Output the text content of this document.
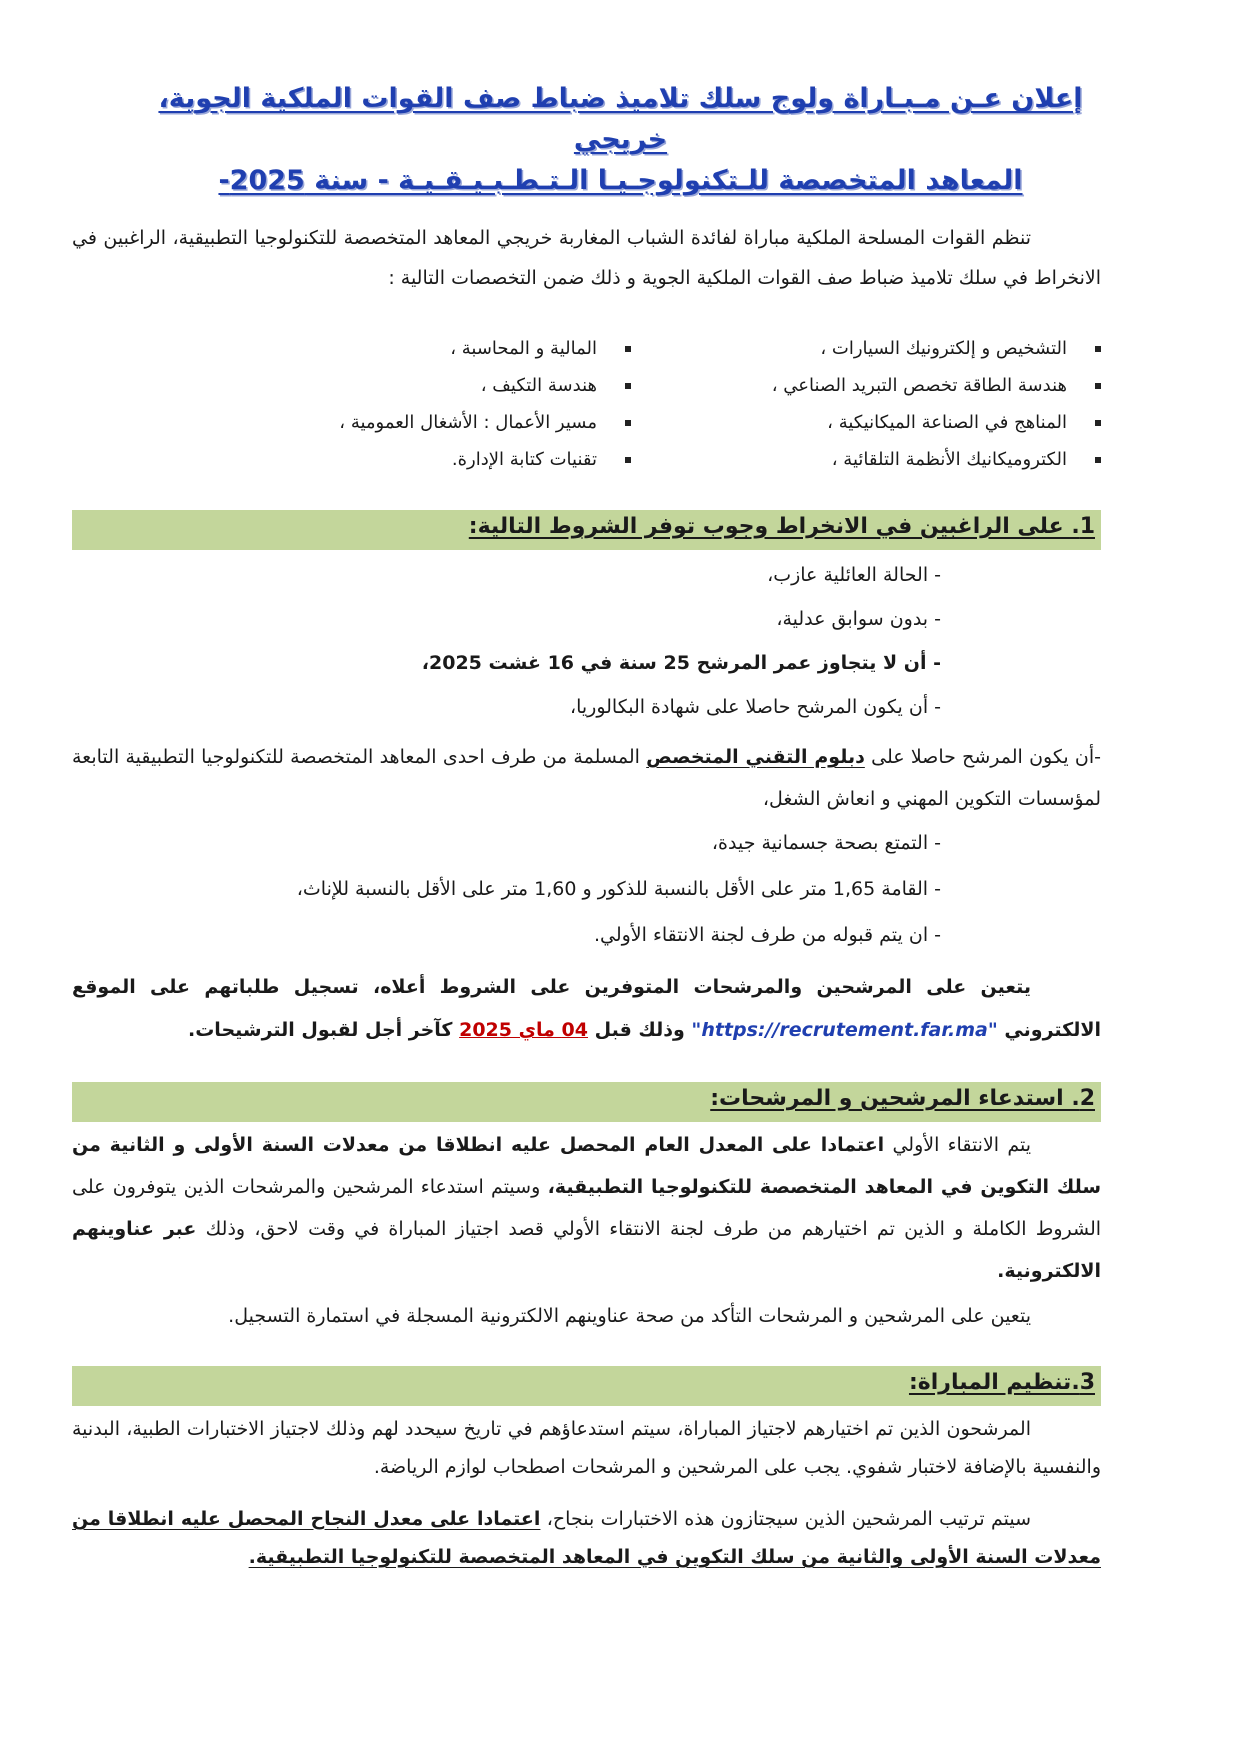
إعلان عـن مـبـاراة ولوج سلك تلاميذ ضباط صف القوات الملكية الجوية، خريجي
المعاهد المتخصصة للـتكنولوجـيـا الـتـطـبـيـقـيـة - سنة 2025-
تنظم القوات المسلحة الملكية مباراة لفائدة الشباب المغاربة خريجي المعاهد المتخصصة للتكنولوجيا التطبيقية، الراغبين في الانخراط في سلك تلاميذ ضباط صف القوات الملكية الجوية و ذلك ضمن التخصصات التالية :
التشخيص و إلكترونيك السيارات ،
هندسة الطاقة تخصص التبريد الصناعي ،
المناهج في الصناعة الميكانيكية ،
الكتروميكانيك الأنظمة التلقائية ،
المالية و المحاسبة ،
هندسة التكيف ،
مسير الأعمال : الأشغال العمومية ،
تقنيات كتابة الإدارة.
1. على الراغبين في الانخراط وجوب توفر الشروط التالية:
- الحالة العائلية عازب،
- بدون سوابق عدلية،
- أن لا يتجاوز عمر المرشح 25 سنة في 16 غشت 2025،
- أن يكون المرشح حاصلا على شهادة البكالوريا،
-أن يكون المرشح حاصلا على دبلوم التقني المتخصص المسلمة من طرف احدى المعاهد المتخصصة للتكنولوجيا التطبيقية التابعة لمؤسسات التكوين المهني و انعاش الشغل،
- التمتع بصحة جسمانية جيدة،
- القامة 1,65 متر على الأقل بالنسبة للذكور و 1,60 متر على الأقل بالنسبة للإناث،
- ان يتم قبوله من طرف لجنة الانتقاء الأولي.
يتعين على المرشحين والمرشحات المتوفرين على الشروط أعلاه، تسجيل طلباتهم على الموقع الالكتروني "https://recrutement.far.ma" وذلك قبل 04 ماي 2025 كآخر أجل لقبول الترشيحات.
2. استدعاء المرشحين و المرشحات:
يتم الانتقاء الأولي اعتمادا على المعدل العام المحصل عليه انطلاقا من معدلات السنة الأولى و الثانية من سلك التكوين في المعاهد المتخصصة للتكنولوجيا التطبيقية، وسيتم استدعاء المرشحين والمرشحات الذين يتوفرون على الشروط الكاملة و الذين تم اختيارهم من طرف لجنة الانتقاء الأولي قصد اجتياز المباراة في وقت لاحق، وذلك عبر عناوينهم الالكترونية.
يتعين على المرشحين و المرشحات التأكد من صحة عناوينهم الالكترونية المسجلة في استمارة التسجيل.
3.تنظيم المباراة:
المرشحون الذين تم اختيارهم لاجتياز المباراة، سيتم استدعاؤهم في تاريخ سيحدد لهم وذلك لاجتياز الاختبارات الطبية، البدنية والنفسية بالإضافة لاختبار شفوي. يجب على المرشحين و المرشحات اصطحاب لوازم الرياضة.
سيتم ترتيب المرشحين الذين سيجتازون هذه الاختبارات بنجاح، اعتمادا على معدل النجاح المحصل عليه انطلاقا من معدلات السنة الأولى والثانية من سلك التكوين في المعاهد المتخصصة للتكنولوجيا التطبيقية.
